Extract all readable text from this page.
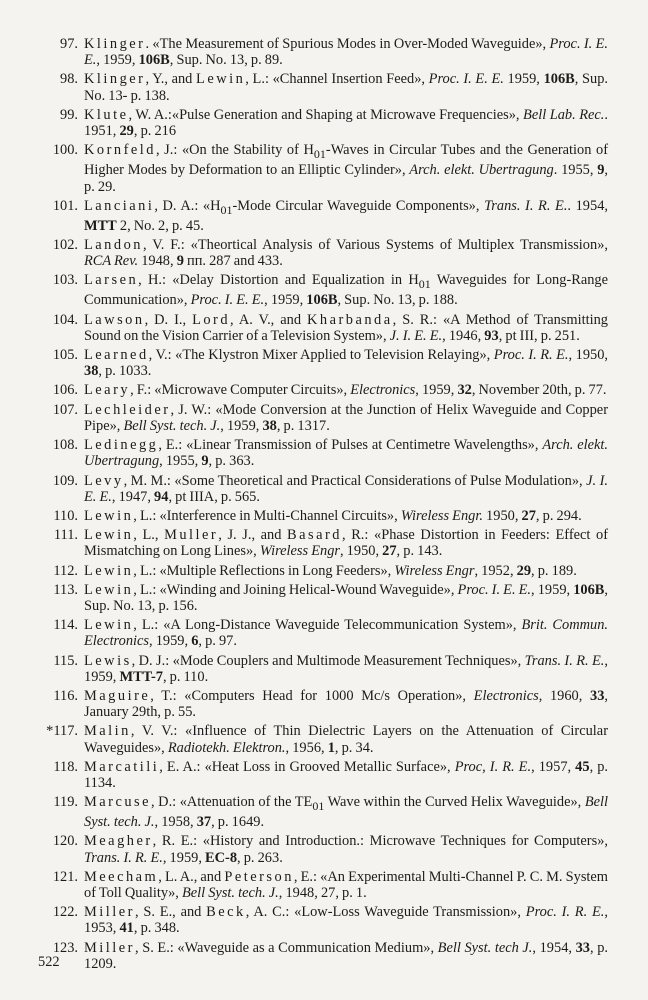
97. Klinger. «The Measurement of Spurious Modes in Over-Moded Waveguide», Proc. I. E. E., 1959, 106B, Sup. No. 13, p. 89.
98. Klinger, Y., and Lewin, L.: «Channel Insertion Feed», Proc. I. E. E. 1959, 106B, Sup. No. 13- p. 138.
99. Klute, W. A.:«Pulse Generation and Shaping at Microwave Frequencies», Bell Lab. Rec.. 1951, 29, p. 216
100. Kornfeld, J.: «On the Stability of $H_{01}$-Waves in Circular Tubes and the Generation of Higher Modes by Deformation to an Elliptic Cylinder», Arch. elekt. Ubertragung. 1955, 9, p. 29.
101. Lanciani, D. A.: «$H_{01}$-Mode Circular Waveguide Components», Trans. I. R. E.. 1954, MTT 2, No. 2, p. 45.
102. Landon, V. F.: «Theortical Analysis of Various Systems of Multiplex Transmission», RCA Rev. 1948, 9 пп. 287 and 433.
103. Larsen, H.: «Delay Distortion and Equalization in $H_{01}$ Waveguides for Long-Range Communication», Proc. I. E. E., 1959, 106B, Sup. No. 13, p. 188.
104. Lawson, D. I., Lord, A. V., and Kharbanda, S. R.: «A Method of Transmitting Sound on the Vision Carrier of a Television System», J. I. E. E., 1946, 93, pt III, p. 251.
105. Learned, V.: «The Klystron Mixer Applied to Television Relaying», Proc. I. R. E., 1950, 38, p. 1033.
106. Leary, F.: «Microwave Computer Circuits», Electronics, 1959, 32, November 20th, p. 77.
107. Lechleider, J. W.: «Mode Conversion at the Junction of Helix Waveguide and Copper Pipe», Bell Syst. tech. J., 1959, 38, p. 1317.
108. Ledinegg, E.: «Linear Transmission of Pulses at Centimetre Wavelengths», Arch. elekt. Ubertragung, 1955, 9, p. 363.
109. Levy, M. M.: «Some Theoretical and Practical Considerations of Pulse Modulation», J. I. E. E., 1947, 94, pt IIIA, p. 565.
110. Lewin, L.: «Interference in Multi-Channel Circuits», Wireless Engr. 1950, 27, p. 294.
111. Lewin, L., Muller, J. J., and Basard, R.: «Phase Distortion in Feeders: Effect of Mismatching on Long Lines», Wireless Engr, 1950, 27, p. 143.
112. Lewin, L.: «Multiple Reflections in Long Feeders», Wireless Engr, 1952, 29, p. 189.
113. Lewin, L.: «Winding and Joining Helical-Wound Waveguide», Proc. I. E. E., 1959, 106B, Sup. No. 13, p. 156.
114. Lewin, L.: «A Long-Distance Waveguide Telecommunication System», Brit. Commun. Electronics, 1959, 6, p. 97.
115. Lewis, D. J.: «Mode Couplers and Multimode Measurement Techniques», Trans. I. R. E., 1959, MTT-7, p. 110.
116. Maguire, T.: «Computers Head for 1000 Mc/s Operation», Electronics, 1960, 33, January 29th, p. 55.
*117. Malin, V. V.: «Influence of Thin Dielectric Layers on the Attenuation of Circular Waveguides», Radiotekh. Elektron., 1956, 1, p. 34.
118. Marcatili, E. A.: «Heat Loss in Grooved Metallic Surface», Proc, I. R. E., 1957, 45, p. 1134.
119. Marcuse, D.: «Attenuation of the $TE_{01}$ Wave within the Curved Helix Waveguide», Bell Syst. tech. J., 1958, 37, p. 1649.
120. Meagher, R. E.: «History and Introduction.: Microwave Techniques for Computers», Trans. I. R. E., 1959, EC-8, p. 263.
121. Meecham, L. A., and Peterson, E.: «An Experimental Multi-Channel P. C. M. System of Toll Quality», Bell Syst. tech. J., 1948, 27, p. 1.
122. Miller, S. E., and Beck, A. C.: «Low-Loss Waveguide Transmission», Proc. I. R. E., 1953, 41, p. 348.
123. Miller, S. E.: «Waveguide as a Communication Medium», Bell Syst. tech J., 1954, 33, p. 1209.
522
